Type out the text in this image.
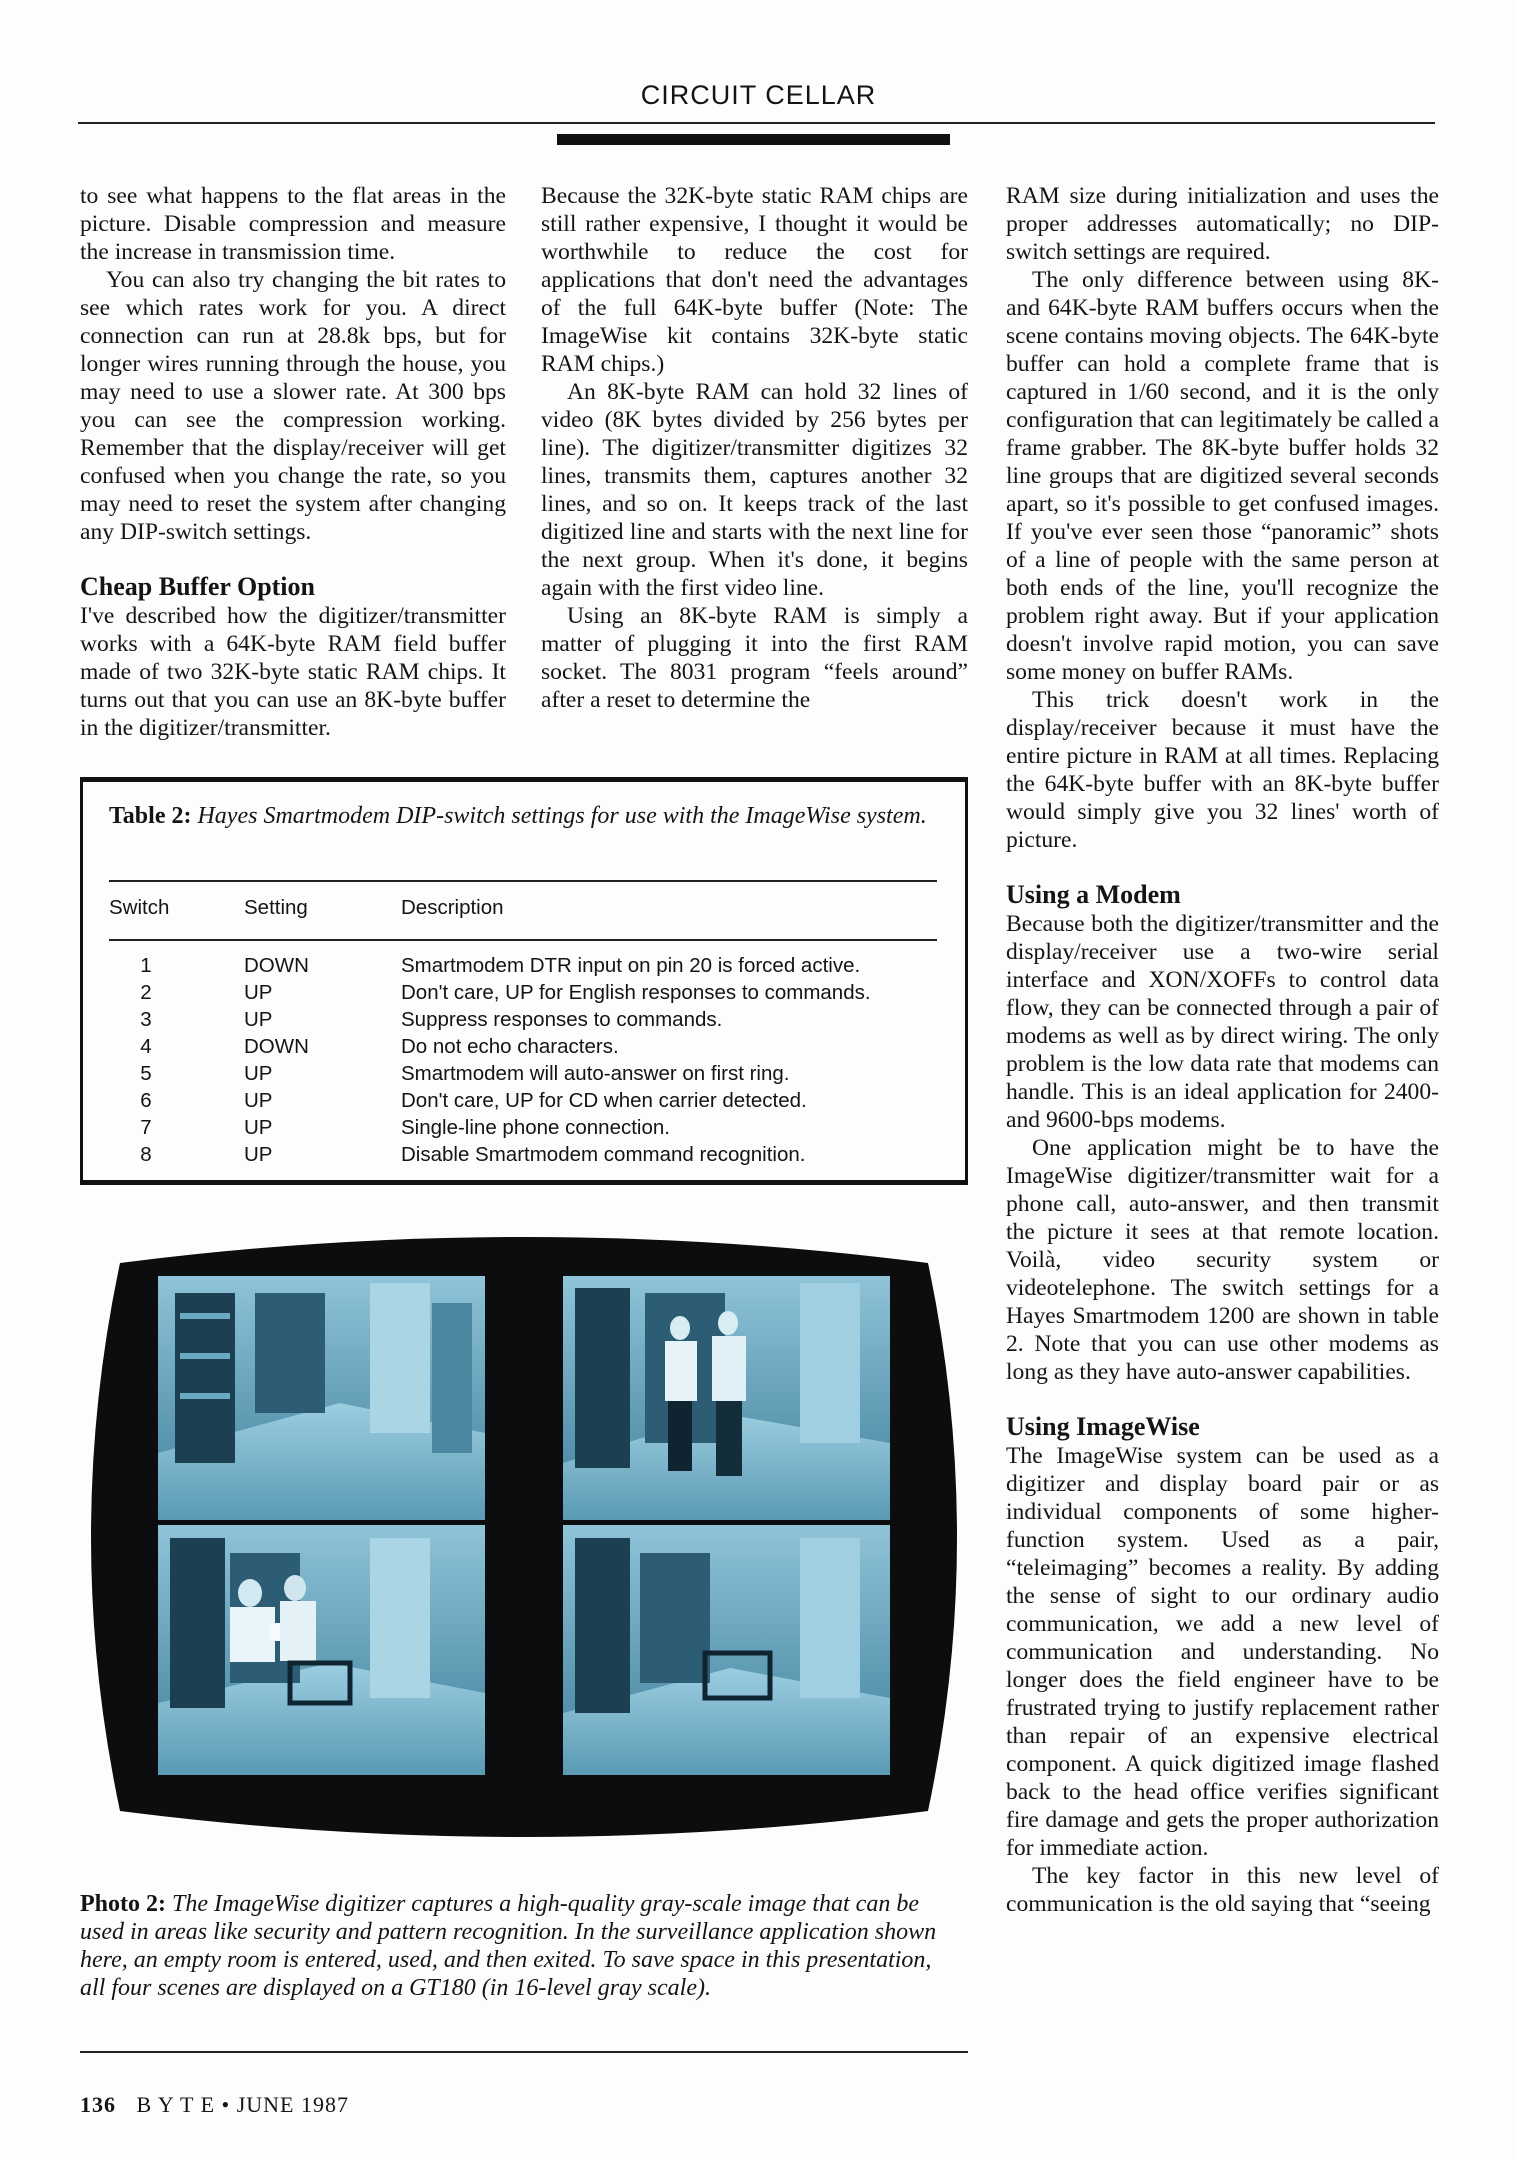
CIRCUIT CELLAR

to see what happens to the flat areas in the picture. Disable compression and measure the increase in transmission time.

You can also try changing the bit rates to see which rates work for you. A direct connection can run at 28.8k bps, but for longer wires running through the house, you may need to use a slower rate. At 300 bps you can see the compression working. Remember that the display/receiver will get confused when you change the rate, so you may need to reset the system after changing any DIP-switch settings.

Cheap Buffer Option

I've described how the digitizer/transmitter works with a 64K-byte RAM field buffer made of two 32K-byte static RAM chips. It turns out that you can use an 8K-byte buffer in the digitizer/transmitter.

Because the 32K-byte static RAM chips are still rather expensive, I thought it would be worthwhile to reduce the cost for applications that don't need the advantages of the full 64K-byte buffer (Note: The ImageWise kit contains 32K-byte static RAM chips.)

An 8K-byte RAM can hold 32 lines of video (8K bytes divided by 256 bytes per line). The digitizer/transmitter digitizes 32 lines, transmits them, captures another 32 lines, and so on. It keeps track of the last digitized line and starts with the next line for the next group. When it's done, it begins again with the first video line.

Using an 8K-byte RAM is simply a matter of plugging it into the first RAM socket. The 8031 program “feels around” after a reset to determine the

RAM size during initialization and uses the proper addresses automatically; no DIP-switch settings are required.

The only difference between using 8K- and 64K-byte RAM buffers occurs when the scene contains moving objects. The 64K-byte buffer can hold a complete frame that is captured in 1/60 second, and it is the only configuration that can legitimately be called a frame grabber. The 8K-byte buffer holds 32 line groups that are digitized several seconds apart, so it's possible to get confused images. If you've ever seen those “panoramic” shots of a line of people with the same person at both ends of the line, you'll recognize the problem right away. But if your application doesn't involve rapid motion, you can save some money on buffer RAMs.

This trick doesn't work in the display/receiver because it must have the entire picture in RAM at all times. Replacing the 64K-byte buffer with an 8K-byte buffer would simply give you 32 lines' worth of picture.

Using a Modem

Because both the digitizer/transmitter and the display/receiver use a two-wire serial interface and XON/XOFFs to control data flow, they can be connected through a pair of modems as well as by direct wiring. The only problem is the low data rate that modems can handle. This is an ideal application for 2400- and 9600-bps modems.

One application might be to have the ImageWise digitizer/transmitter wait for a phone call, auto-answer, and then transmit the picture it sees at that remote location. Voilà, video security system or videotelephone. The switch settings for a Hayes Smartmodem 1200 are shown in table 2. Note that you can use other modems as long as they have auto-answer capabilities.

Using ImageWise

The ImageWise system can be used as a digitizer and display board pair or as individual components of some higher-function system. Used as a pair, “teleimaging” becomes a reality. By adding the sense of sight to our ordinary audio communication, we add a new level of communication and understanding. No longer does the field engineer have to be frustrated trying to justify replacement rather than repair of an expensive electrical component. A quick digitized image flashed back to the head office verifies significant fire damage and gets the proper authorization for immediate action.

The key factor in this new level of communication is the old saying that “seeing

Table 2: Hayes Smartmodem DIP-switch settings for use with the ImageWise system.
Switch	Setting	Description
1	DOWN	Smartmodem DTR input on pin 20 is forced active.
2	UP	Don't care, UP for English responses to commands.
3	UP	Suppress responses to commands.
4	DOWN	Do not echo characters.
5	UP	Smartmodem will auto-answer on first ring.
6	UP	Don't care, UP for CD when carrier detected.
7	UP	Single-line phone connection.
8	UP	Disable Smartmodem command recognition.
Photo 2: The ImageWise digitizer captures a high-quality gray-scale image that can be used in areas like security and pattern recognition. In the surveillance application shown here, an empty room is entered, used, and then exited. To save space in this presentation, all four scenes are displayed on a GT180 (in 16-level gray scale).
136 B Y T E • JUNE 1987
